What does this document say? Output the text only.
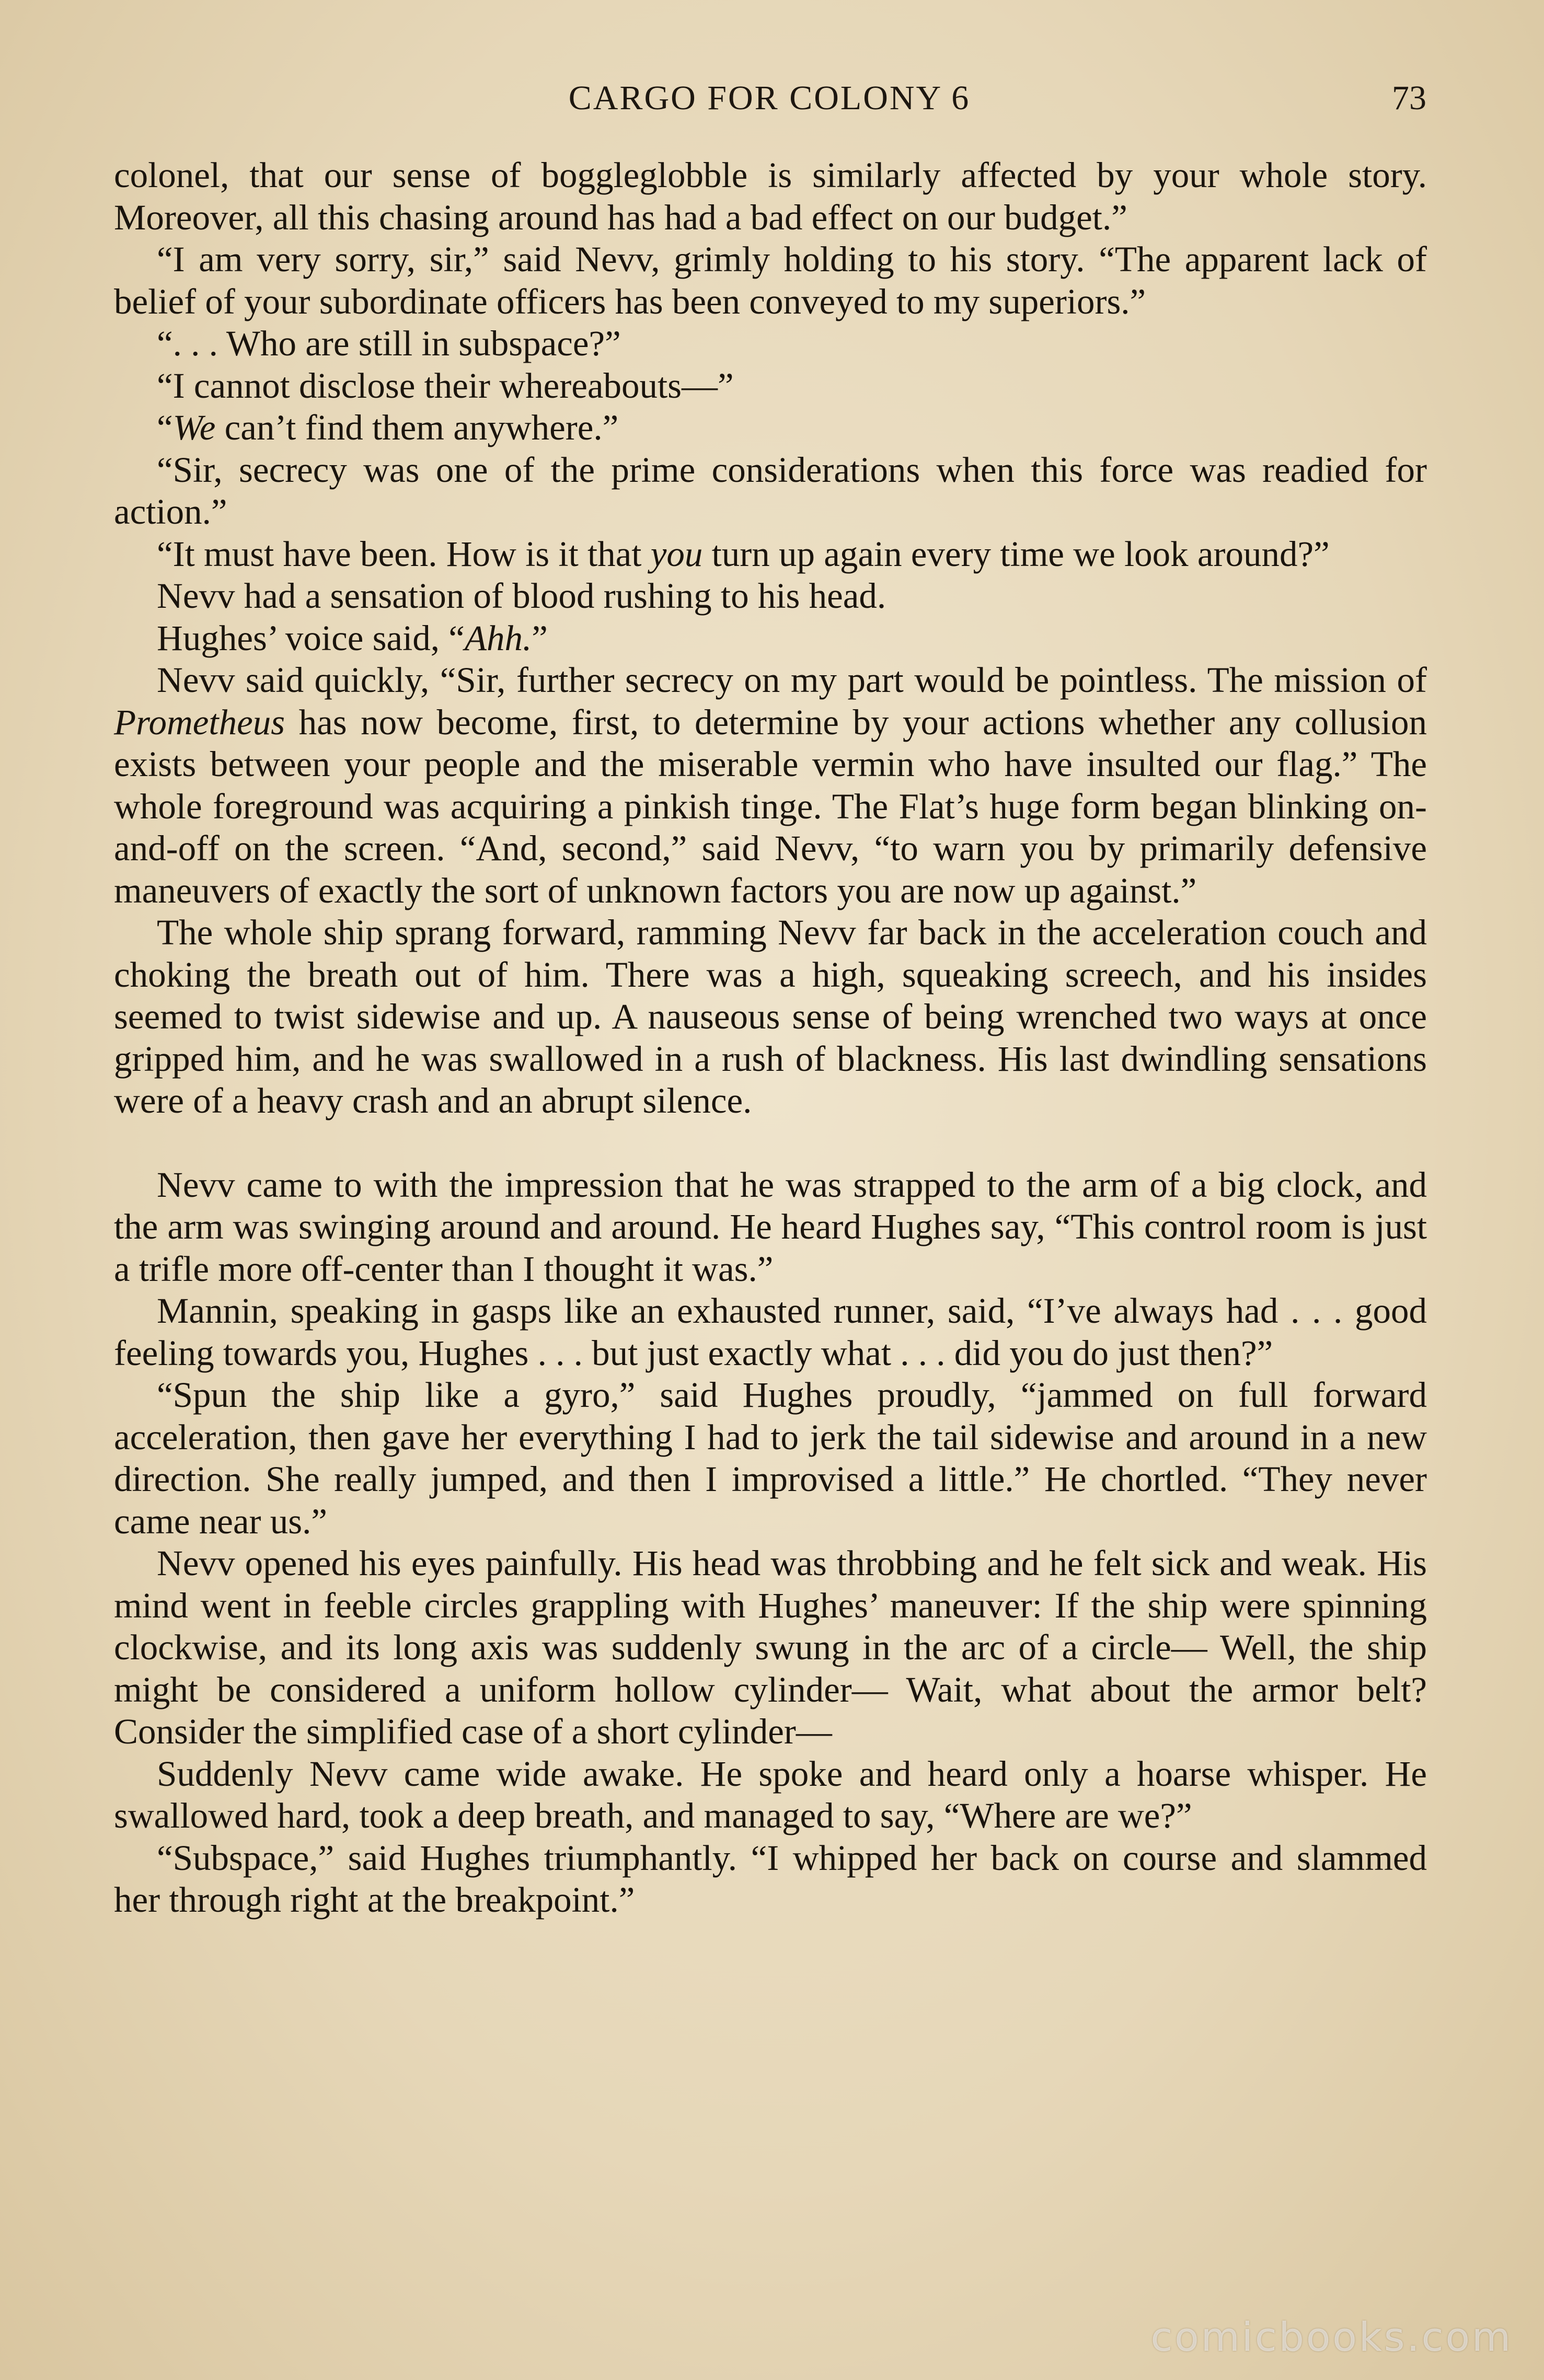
CARGO FOR COLONY 6	73

colonel, that our sense of boggleglobble is similarly affected by your whole story. Moreover, all this chasing around has had a bad effect on our budget.”

“I am very sorry, sir,” said Nevv, grimly holding to his story. “The apparent lack of belief of your subordinate officers has been conveyed to my superiors.”

“. . . Who are still in subspace?”

“I cannot disclose their whereabouts—”

“We can’t find them anywhere.”

“Sir, secrecy was one of the prime considerations when this force was readied for action.”

“It must have been. How is it that you turn up again every time we look around?”

Nevv had a sensation of blood rushing to his head.

Hughes’ voice said, “Ahh.”

Nevv said quickly, “Sir, further secrecy on my part would be pointless. The mission of Prometheus has now become, first, to determine by your actions whether any collusion exists between your people and the miserable vermin who have insulted our flag.” The whole foreground was acquiring a pinkish tinge. The Flat’s huge form began blinking on-and-off on the screen. “And, second,” said Nevv, “to warn you by primarily defensive maneuvers of exactly the sort of unknown factors you are now up against.”

The whole ship sprang forward, ramming Nevv far back in the acceleration couch and choking the breath out of him. There was a high, squeaking screech, and his insides seemed to twist sidewise and up. A nauseous sense of being wrenched two ways at once gripped him, and he was swallowed in a rush of blackness. His last dwindling sensations were of a heavy crash and an abrupt silence.

Nevv came to with the impression that he was strapped to the arm of a big clock, and the arm was swinging around and around. He heard Hughes say, “This control room is just a trifle more off-center than I thought it was.”

Mannin, speaking in gasps like an exhausted runner, said, “I’ve always had . . . good feeling towards you, Hughes . . . but just exactly what . . . did you do just then?”

“Spun the ship like a gyro,” said Hughes proudly, “jammed on full forward acceleration, then gave her everything I had to jerk the tail sidewise and around in a new direction. She really jumped, and then I improvised a little.” He chortled. “They never came near us.”

Nevv opened his eyes painfully. His head was throbbing and he felt sick and weak. His mind went in feeble circles grappling with Hughes’ maneuver: If the ship were spinning clockwise, and its long axis was suddenly swung in the arc of a circle— Well, the ship might be considered a uniform hollow cylinder— Wait, what about the armor belt? Consider the simplified case of a short cylinder—

Suddenly Nevv came wide awake. He spoke and heard only a hoarse whisper. He swallowed hard, took a deep breath, and managed to say, “Where are we?”

“Subspace,” said Hughes triumphantly. “I whipped her back on course and slammed her through right at the breakpoint.”

comicbooks.com
